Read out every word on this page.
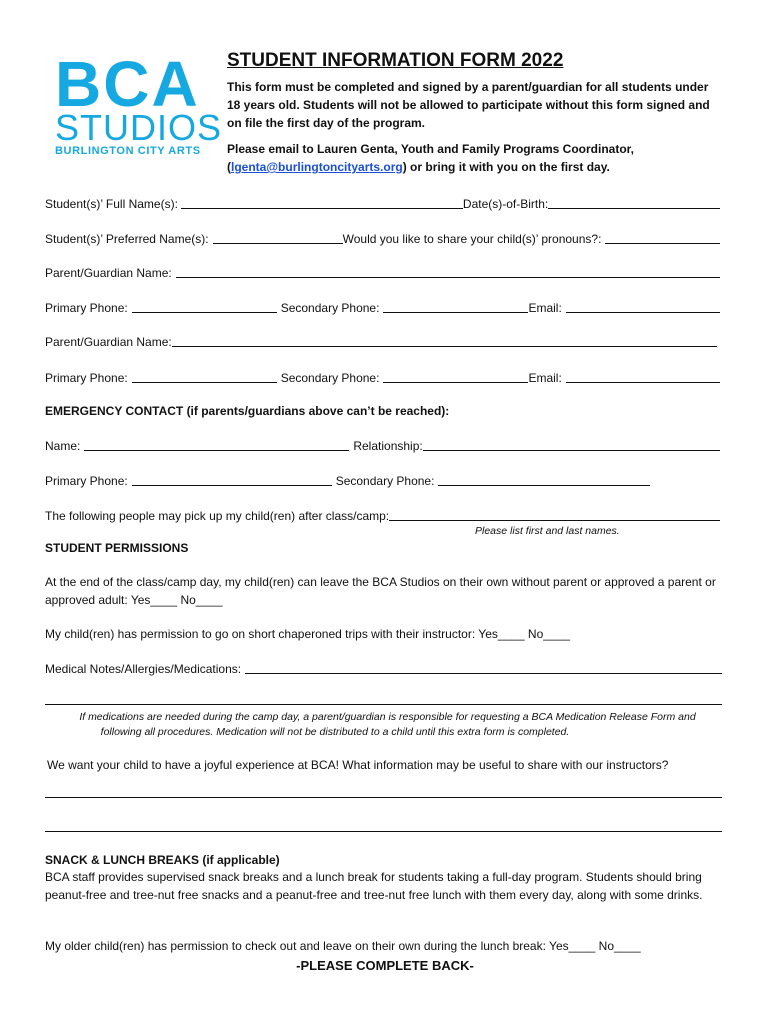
BCA
STUDIOS
BURLINGTON CITY ARTS
STUDENT INFORMATION FORM 2022
This form must be completed and signed by a parent/guardian for all students under 18 years old. Students will not be allowed to participate without this form signed and on file the first day of the program.
Please email to Lauren Genta, Youth and Family Programs Coordinator,
(lgenta@burlingtoncityarts.org) or bring it with you on the first day.
Student(s)’ Full Name(s):	Date(s)-of-Birth:
Student(s)’ Preferred Name(s):	Would you like to share your child(s)’ pronouns?:
Parent/Guardian Name:
Primary Phone:	Secondary Phone:	Email:
Parent/Guardian Name:
Primary Phone:	Secondary Phone:	Email:
EMERGENCY CONTACT (if parents/guardians above can’t be reached):
Name:	Relationship:
Primary Phone:	Secondary Phone:
The following people may pick up my child(ren) after class/camp:
Please list first and last names.
STUDENT PERMISSIONS
At the end of the class/camp day, my child(ren) can leave the BCA Studios on their own without parent or approved a parent or approved adult: Yes____ No____
My child(ren) has permission to go on short chaperoned trips with their instructor: Yes____ No____
Medical Notes/Allergies/Medications:
If medications are needed during the camp day, a parent/guardian is responsible for requesting a BCA Medication Release Form and
following all procedures. Medication will not be distributed to a child until this extra form is completed.
We want your child to have a joyful experience at BCA! What information may be useful to share with our instructors?
SNACK & LUNCH BREAKS (if applicable)
BCA staff provides supervised snack breaks and a lunch break for students taking a full-day program. Students should bring peanut-free and tree-nut free snacks and a peanut-free and tree-nut free lunch with them every day, along with some drinks.
My older child(ren) has permission to check out and leave on their own during the lunch break: Yes____ No____
-PLEASE COMPLETE BACK-
